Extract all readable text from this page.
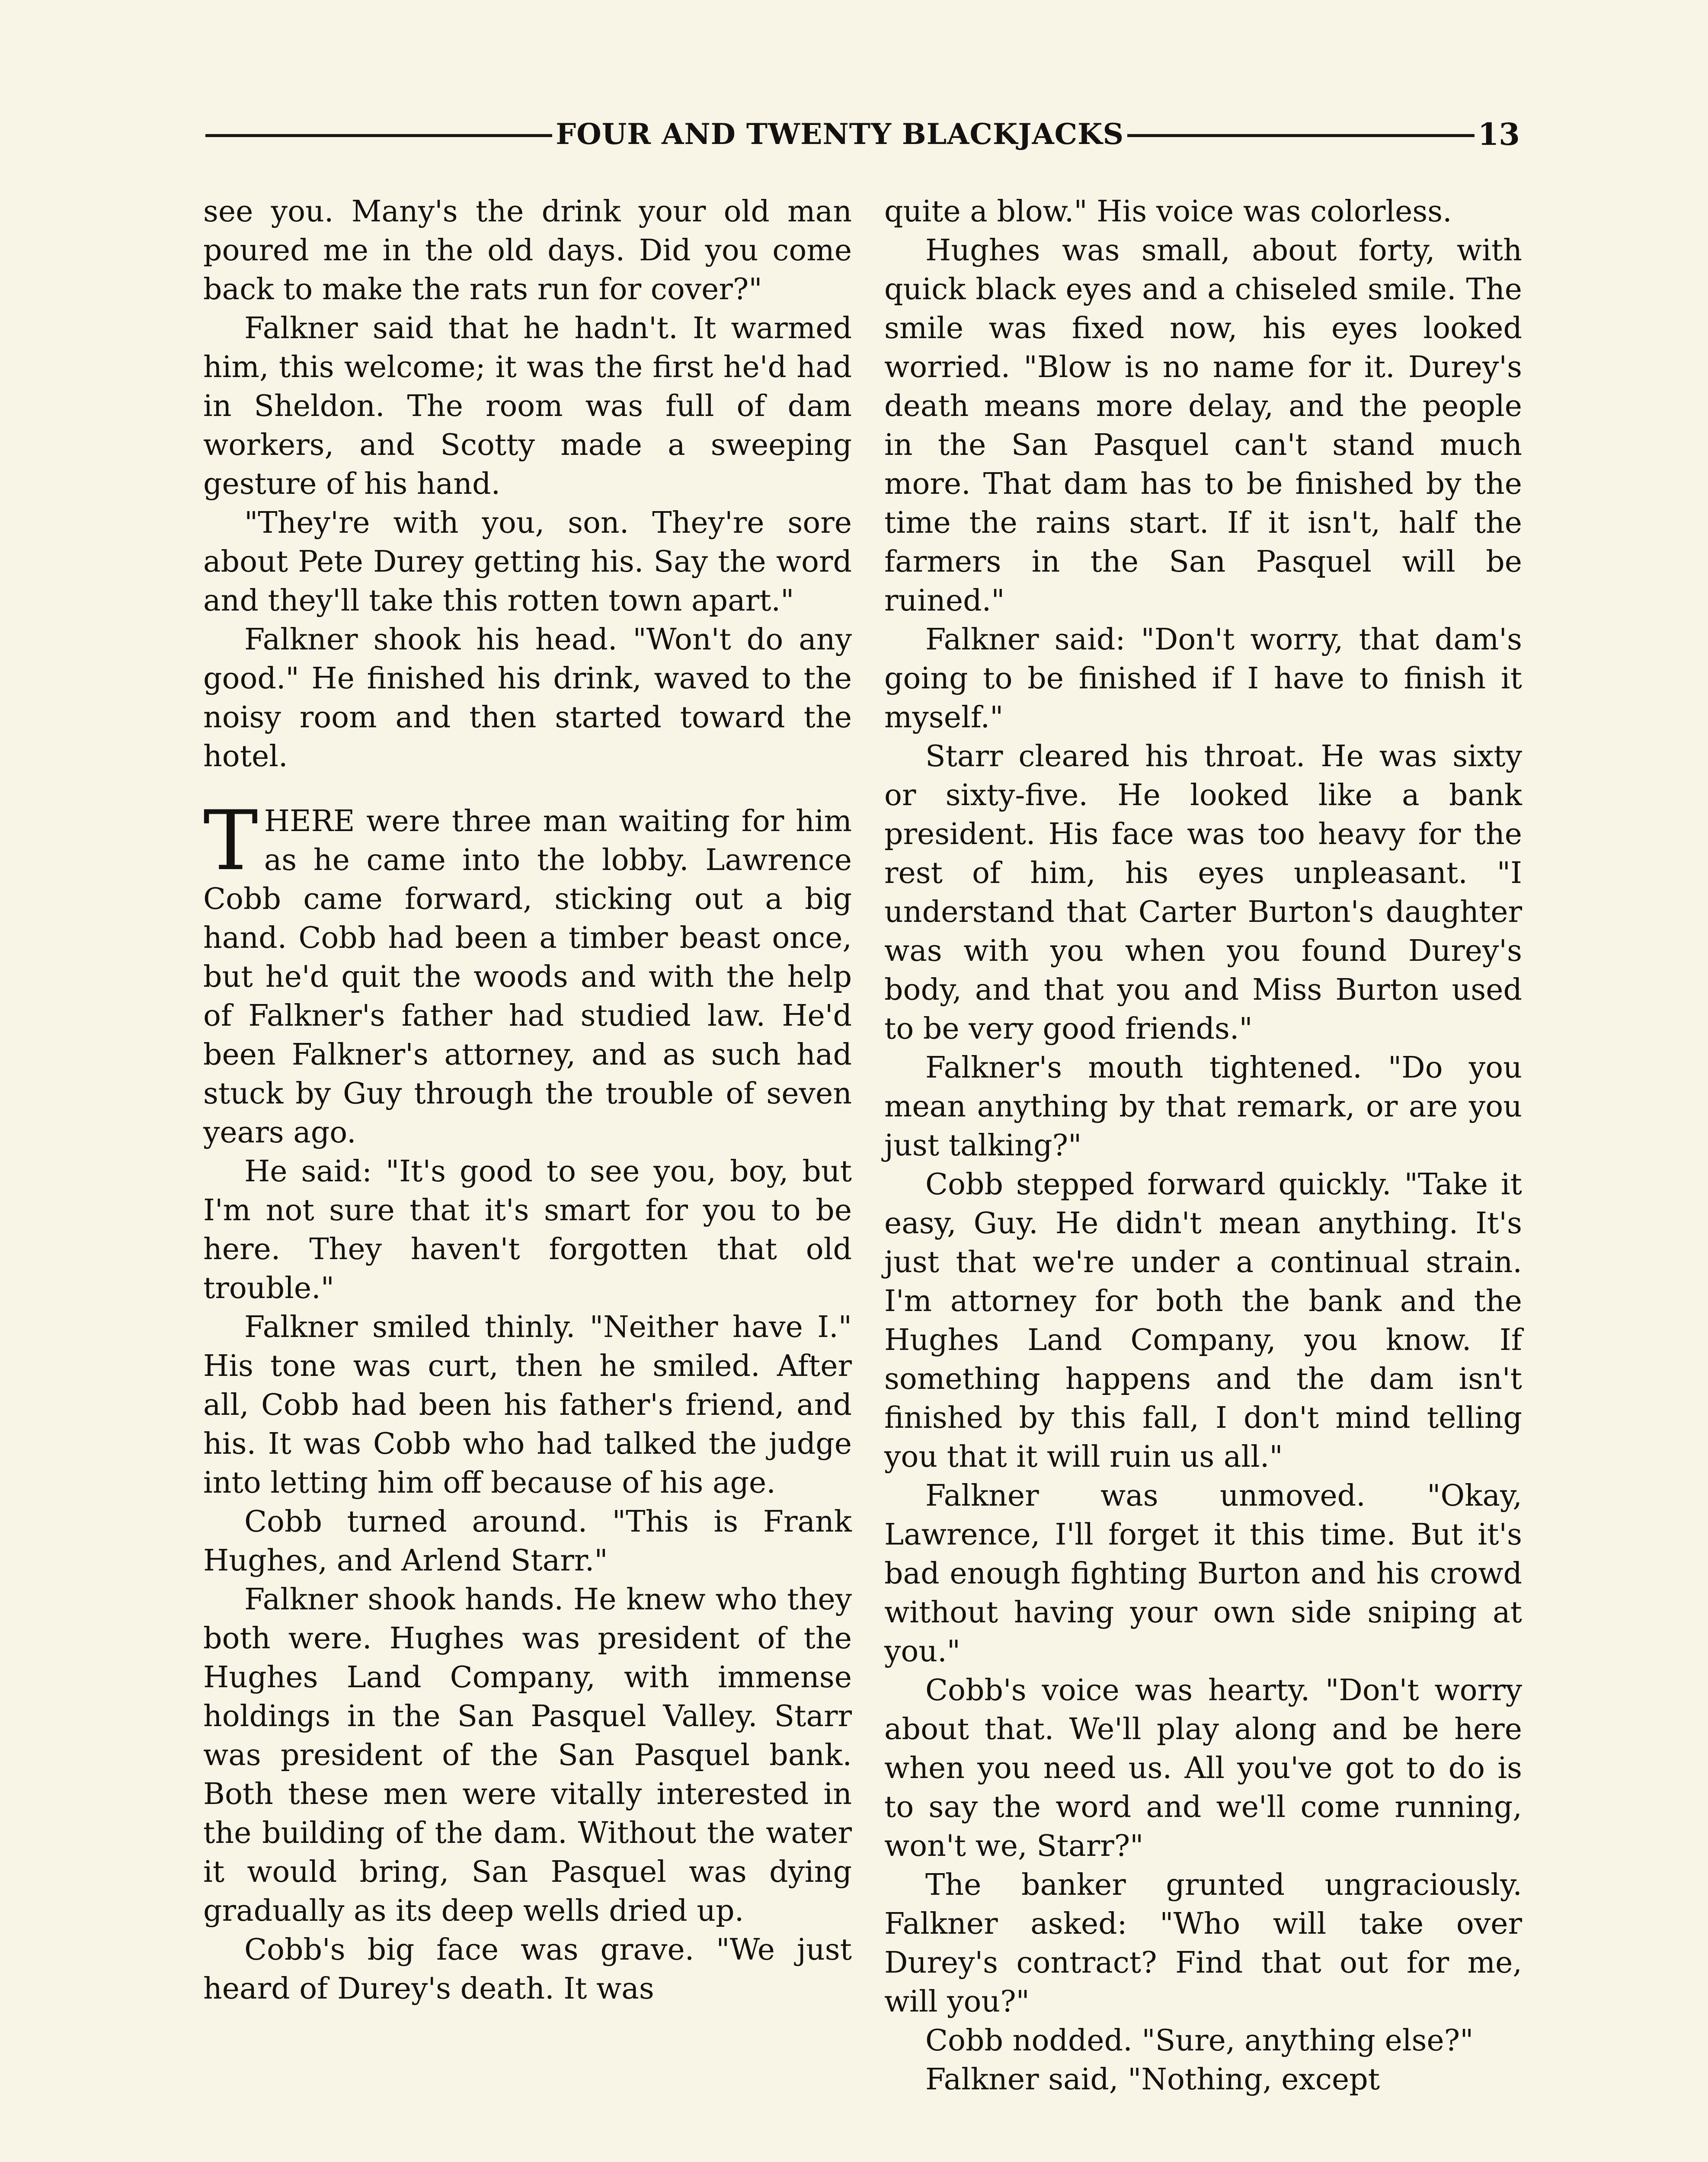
FOUR AND TWENTY BLACKJACKS	13

see you. Many's the drink your old man poured me in the old days. Did you come back to make the rats run for cover?"

Falkner said that he hadn't. It warmed him, this welcome; it was the first he'd had in Sheldon. The room was full of dam workers, and Scotty made a sweeping gesture of his hand.

"They're with you, son. They're sore about Pete Durey getting his. Say the word and they'll take this rotten town apart."

Falkner shook his head. "Won't do any good." He finished his drink, waved to the noisy room and then started toward the hotel.

THERE were three man waiting for him as he came into the lobby. Lawrence Cobb came forward, sticking out a big hand. Cobb had been a timber beast once, but he'd quit the woods and with the help of Falkner's father had studied law. He'd been Falkner's attorney, and as such had stuck by Guy through the trouble of seven years ago.

He said: "It's good to see you, boy, but I'm not sure that it's smart for you to be here. They haven't forgotten that old trouble."

Falkner smiled thinly. "Neither have I." His tone was curt, then he smiled. After all, Cobb had been his father's friend, and his. It was Cobb who had talked the judge into letting him off because of his age.

Cobb turned around. "This is Frank Hughes, and Arlend Starr."

Falkner shook hands. He knew who they both were. Hughes was president of the Hughes Land Company, with immense holdings in the San Pasquel Valley. Starr was president of the San Pasquel bank. Both these men were vitally interested in the building of the dam. Without the water it would bring, San Pasquel was dying gradually as its deep wells dried up.

Cobb's big face was grave. "We just heard of Durey's death. It was

quite a blow." His voice was colorless.

Hughes was small, about forty, with quick black eyes and a chiseled smile. The smile was fixed now, his eyes looked worried. "Blow is no name for it. Durey's death means more delay, and the people in the San Pasquel can't stand much more. That dam has to be finished by the time the rains start. If it isn't, half the farmers in the San Pasquel will be ruined."

Falkner said: "Don't worry, that dam's going to be finished if I have to finish it myself."

Starr cleared his throat. He was sixty or sixty-five. He looked like a bank president. His face was too heavy for the rest of him, his eyes unpleasant. "I understand that Carter Burton's daughter was with you when you found Durey's body, and that you and Miss Burton used to be very good friends."

Falkner's mouth tightened. "Do you mean anything by that remark, or are you just talking?"

Cobb stepped forward quickly. "Take it easy, Guy. He didn't mean anything. It's just that we're under a continual strain. I'm attorney for both the bank and the Hughes Land Company, you know. If something happens and the dam isn't finished by this fall, I don't mind telling you that it will ruin us all."

Falkner was unmoved. "Okay, Lawrence, I'll forget it this time. But it's bad enough fighting Burton and his crowd without having your own side sniping at you."

Cobb's voice was hearty. "Don't worry about that. We'll play along and be here when you need us. All you've got to do is to say the word and we'll come running, won't we, Starr?"

The banker grunted ungraciously. Falkner asked: "Who will take over Durey's contract? Find that out for me, will you?"

Cobb nodded. "Sure, anything else?"

Falkner said, "Nothing, except
